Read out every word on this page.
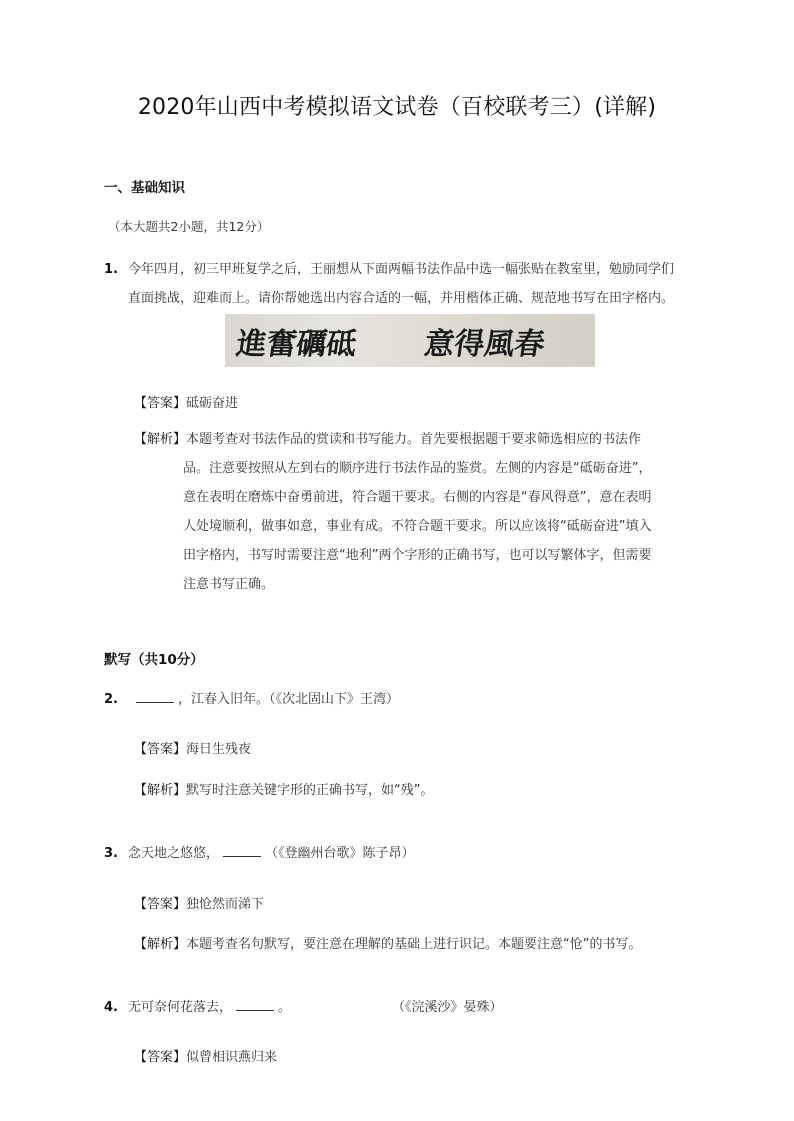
2020年山西中考模拟语文试卷（百校联考三）(详解)
一、基础知识
（本大题共2小题，共12分）
1. 今年四月，初三甲班复学之后，王丽想从下面两幅书法作品中选一幅张贴在教室里，勉励同学们
直面挑战，迎难而上。请你帮她选出内容合适的一幅，并用楷体正确、规范地书写在田字格内。
進奮礪砥 意得風春
【答案】砥砺奋进
【解析】本题考查对书法作品的赏读和书写能力。首先要根据题干要求筛选相应的书法作
品。注意要按照从左到右的顺序进行书法作品的鉴赏。左侧的内容是“砥砺奋进”，
意在表明在磨炼中奋勇前进，符合题干要求。右侧的内容是“春风得意”，意在表明
人处境顺利，做事如意，事业有成。不符合题干要求。所以应该将“砥砺奋进”填入
田字格内，书写时需要注意“地利”两个字形的正确书写，也可以写繁体字，但需要
注意书写正确。
默写（共10分）
2.	，江春入旧年。（《次北固山下》王湾）
【答案】海日生残夜
【解析】默写时注意关键字形的正确书写，如“残”。
3. 念天地之悠悠，	（《登幽州台歌》陈子昂）
【答案】独怆然而涕下
【解析】本题考查名句默写，要注意在理解的基础上进行识记。本题要注意“怆”的书写。
4. 无可奈何花落去，	。	（《浣溪沙》晏殊）
【答案】似曾相识燕归来
